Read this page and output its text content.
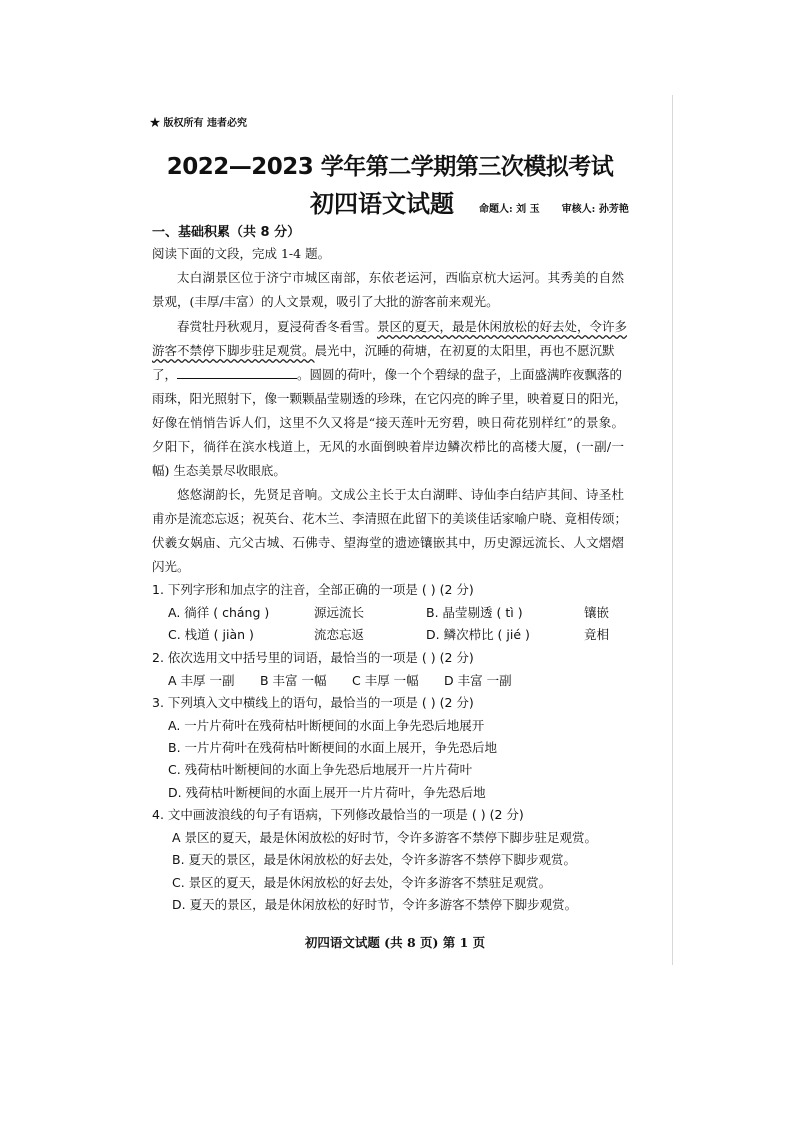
★ 版权所有 违者必究
2022—2023 学年第二学期第三次模拟考试
初四语文试题	命题人: 刘 玉 审核人: 孙芳艳
一、基础积累（共 8 分）
阅读下面的文段，完成 1-4 题。
太白湖景区位于济宁市城区南部，东依老运河，西临京杭大运河。其秀美的自然
景观，(丰厚/丰富）的人文景观，吸引了大批的游客前来观光。
春赏牡丹秋观月，夏浸荷香冬看雪。景区的夏天，最是休闲放松的好去处，令许多
游客不禁停下脚步驻足观赏。晨光中，沉睡的荷塘，在初夏的太阳里，再也不愿沉默
了，	。圆圆的荷叶，像一个个碧绿的盘子，上面盛满昨夜飘落的
雨珠，阳光照射下，像一颗颗晶莹剔透的珍珠，在它闪亮的眸子里，映着夏日的阳光，
好像在悄悄告诉人们，这里不久又将是“接天莲叶无穷碧，映日荷花别样红”的景象。
夕阳下，徜徉在滨水栈道上，无风的水面倒映着岸边鳞次栉比的高楼大厦，(一副/一
幅) 生态美景尽收眼底。
悠悠湖韵长，先贤足音响。文成公主长于太白湖畔、诗仙李白结庐其间、诗圣杜
甫亦是流恋忘返；祝英台、花木兰、李清照在此留下的美谈佳话家喻户晓、竟相传颂；
伏羲女娲庙、亢父古城、石佛寺、望海堂的遗迹镶嵌其中，历史源远流长、人文熠熠
闪光。
1. 下列字形和加点字的注音，全部正确的一项是 ( ) (2 分)
A. 徜徉 ( cháng )	源远流长	B. 晶莹剔透 ( tì )	镶嵌
C. 栈道 ( jiàn )	流恋忘返	D. 鳞次栉比 ( jié )	竟相
2. 依次选用文中括号里的词语，最恰当的一项是 ( ) (2 分)
A 丰厚 一副 B 丰富 一幅 C 丰厚 一幅 D 丰富 一副
3. 下列填入文中横线上的语句，最恰当的一项是 ( ) (2 分)
A. 一片片荷叶在残荷枯叶断梗间的水面上争先恐后地展开
B. 一片片荷叶在残荷枯叶断梗间的水面上展开，争先恐后地
C. 残荷枯叶断梗间的水面上争先恐后地展开一片片荷叶
D. 残荷枯叶断梗间的水面上展开一片片荷叶，争先恐后地
4. 文中画波浪线的句子有语病，下列修改最恰当的一项是 ( ) (2 分)
A 景区的夏天，最是休闲放松的好时节，令许多游客不禁停下脚步驻足观赏。
B. 夏天的景区，最是休闲放松的好去处，令许多游客不禁停下脚步观赏。
C. 景区的夏天，最是休闲放松的好去处，令许多游客不禁驻足观赏。
D. 夏天的景区，最是休闲放松的好时节，令许多游客不禁停下脚步观赏。
初四语文试题 (共 8 页) 第 1 页
